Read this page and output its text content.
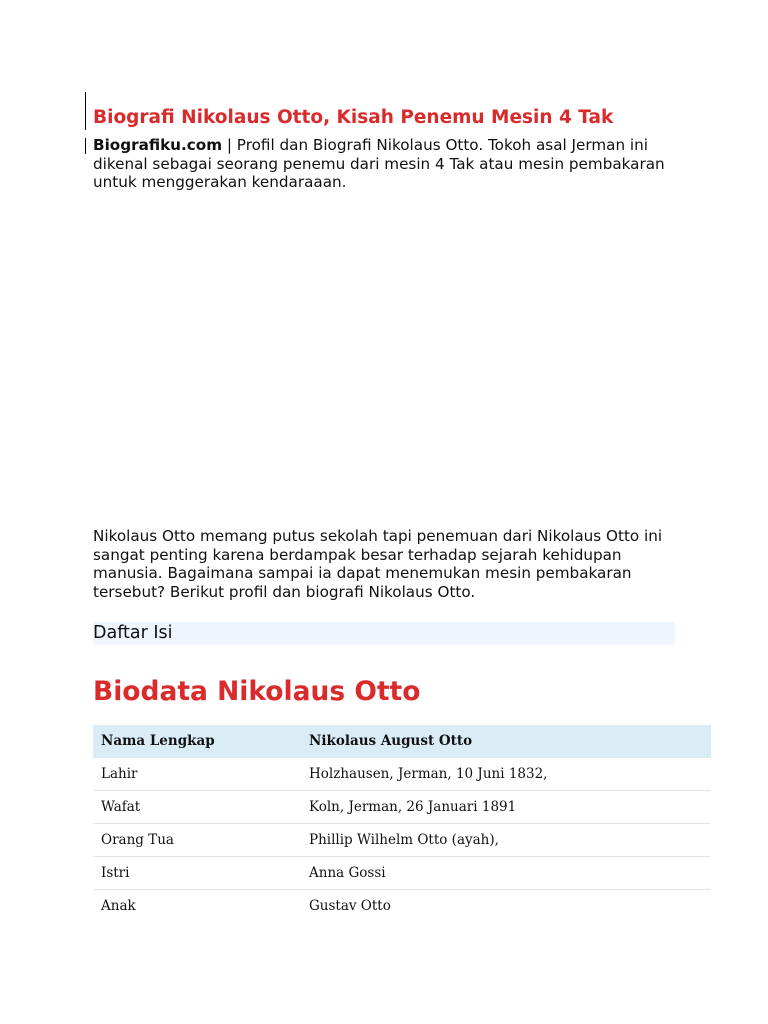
Biografi Nikolaus Otto, Kisah Penemu Mesin 4 Tak

Biografiku.com | Profil dan Biografi Nikolaus Otto. Tokoh asal Jerman ini dikenal sebagai seorang penemu dari mesin 4 Tak atau mesin pembakaran untuk menggerakan kendaraaan.

Nikolaus Otto memang putus sekolah tapi penemuan dari Nikolaus Otto ini sangat penting karena berdampak besar terhadap sejarah kehidupan manusia. Bagaimana sampai ia dapat menemukan mesin pembakaran tersebut? Berikut profil dan biografi Nikolaus Otto.

Daftar Isi
Biodata Nikolaus Otto
Nama Lengkap	Nikolaus August Otto
Lahir	Holzhausen, Jerman, 10 Juni 1832,
Wafat	Koln, Jerman, 26 Januari 1891
Orang Tua	Phillip Wilhelm Otto (ayah),
Istri	Anna Gossi
Anak	Gustav Otto
